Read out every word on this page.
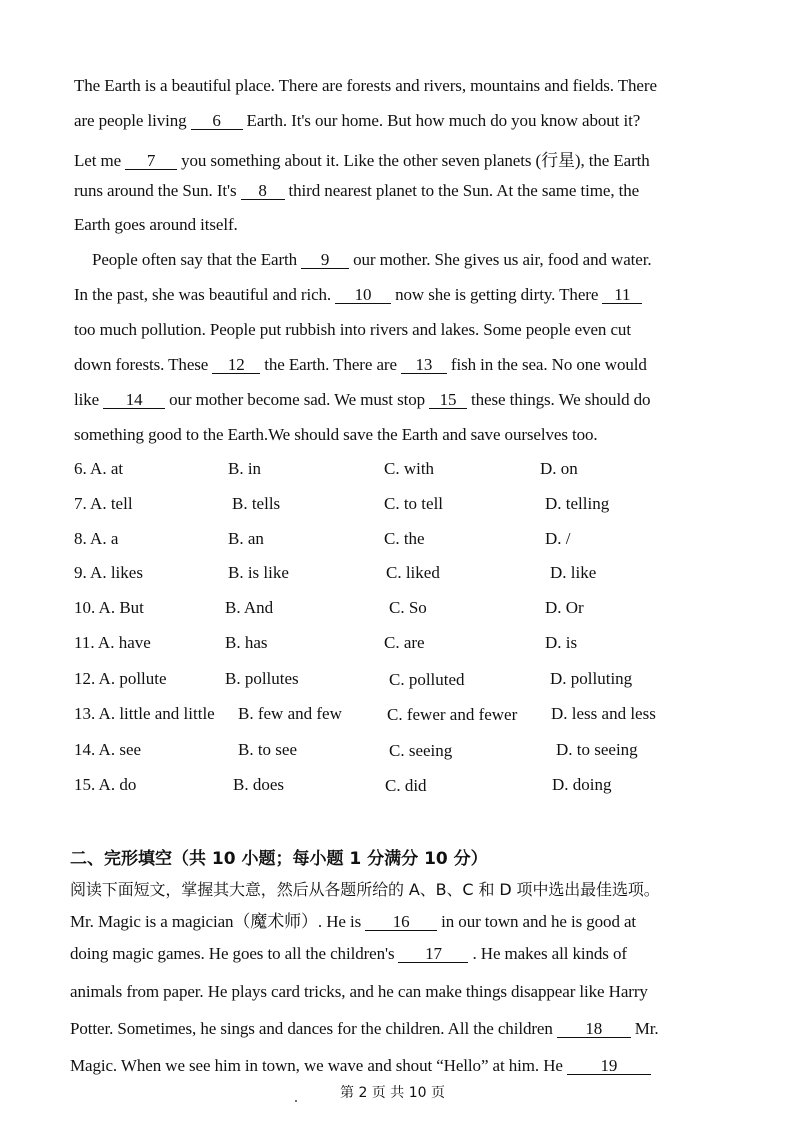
The Earth is a beautiful place. There are forests and rivers, mountains and fields. There
are people living 6 Earth. It's our home. But how much do you know about it?
Let me 7 you something about it. Like the other seven planets (行星), the Earth
runs around the Sun. It's 8 third nearest planet to the Sun. At the same time, the
Earth goes around itself.
People often say that the Earth 9 our mother. She gives us air, food and water.
In the past, she was beautiful and rich. 10 now she is getting dirty. There 11
too much pollution. People put rubbish into rivers and lakes. Some people even cut
down forests. These 12 the Earth. There are 13 fish in the sea. No one would
like 14 our mother become sad. We must stop 15 these things. We should do
something good to the Earth.We should save the Earth and save ourselves too.
6. A. at	B. in	C. with	D. on
7. A. tell	B. tells	C. to tell	D. telling
8. A. a	B. an	C. the	D. /
9. A. likes	B. is like	C. liked	D. like
10. A. But	B. And	C. So	D. Or
11. A. have	B. has	C. are	D. is
12. A. pollute	B. pollutes	C. polluted	D. polluting
13. A. little and little B. few and few	C. fewer and fewer D. less and less
14. A. see	B. to see	C. seeing	D. to seeing
15. A. do	B. does	C. did	D. doing
二、完形填空（共 10 小题；每小题 1 分满分 10 分）
阅读下面短文，掌握其大意，然后从各题所给的 A、B、C 和 D 项中选出最佳选项。
Mr. Magic is a magician（魔术师）. He is 16 in our town and he is good at
doing magic games. He goes to all the children's 17 . He makes all kinds of
animals from paper. He plays card tricks, and he can make things disappear like Harry
Potter. Sometimes, he sings and dances for the children. All the children 18 Mr.
Magic. When we see him in town, we wave and shout “Hello” at him. He 19
第 2 页 共 10 页
